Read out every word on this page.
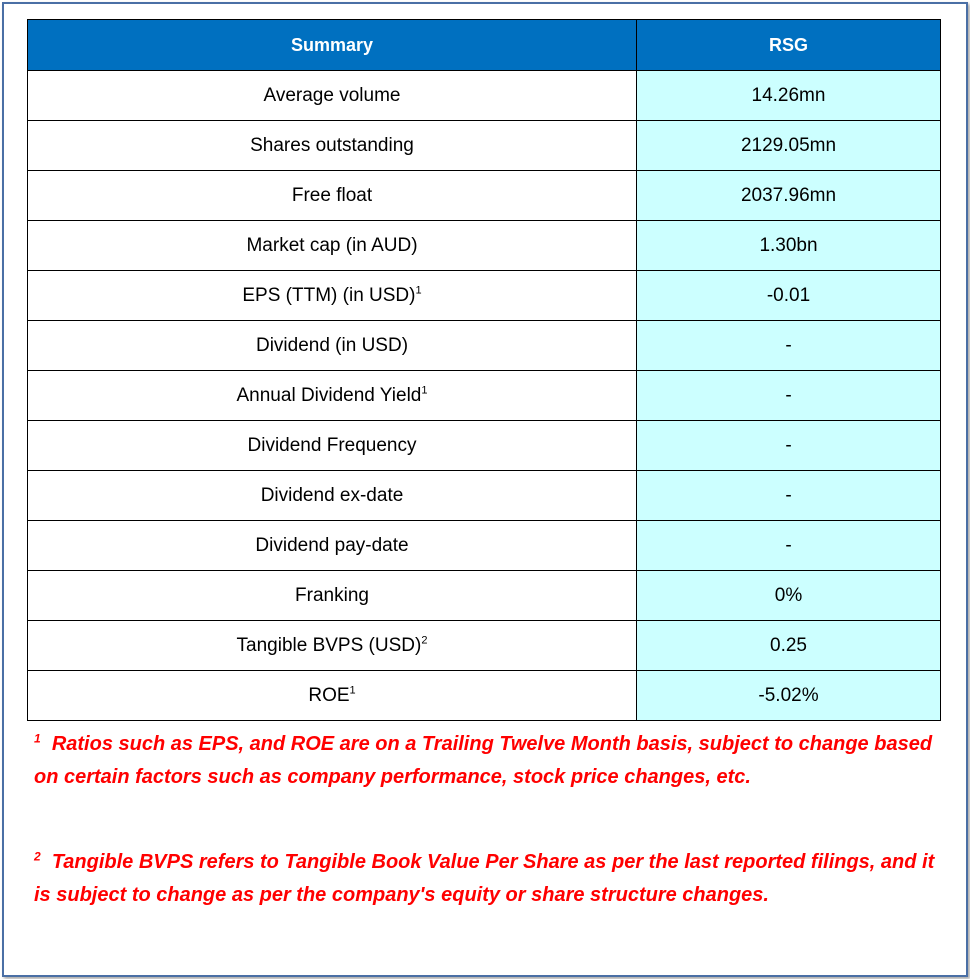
Summary	RSG
Average volume	14.26mn
Shares outstanding	2129.05mn
Free float	2037.96mn
Market cap (in AUD)	1.30bn
EPS (TTM) (in USD)$^1$	-0.01
Dividend (in USD)	-
Annual Dividend Yield$^1$	-
Dividend Frequency	-
Dividend ex-date	-
Dividend pay-date	-
Franking	0%
Tangible BVPS (USD)$^2$	0.25
ROE$^1$	-5.02%
$^1$ Ratios such as EPS, and ROE are on a Trailing Twelve Month basis, subject to change based on certain factors such as company performance, stock price changes, etc.
$^2$ Tangible BVPS refers to Tangible Book Value Per Share as per the last reported filings, and it is subject to change as per the company's equity or share structure changes.
